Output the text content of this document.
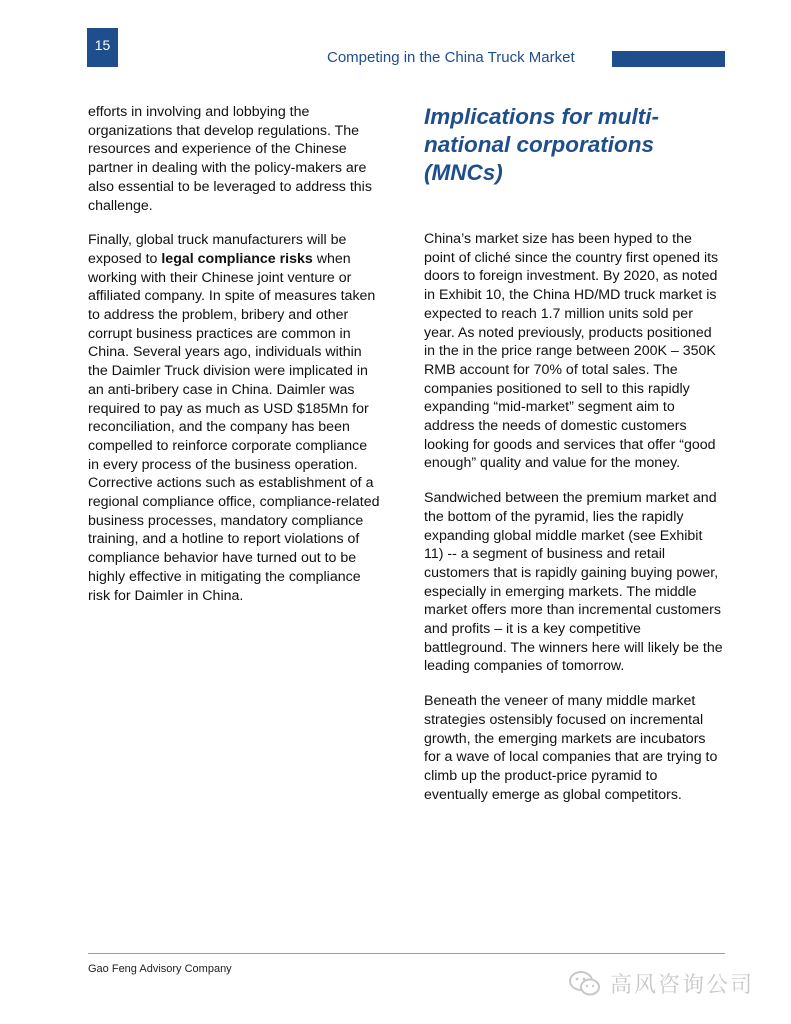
15
Competing in the China Truck Market

efforts in involving and lobbying the organizations that develop regulations. The resources and experience of the Chinese partner in dealing with the policy-makers are also essential to be leveraged to address this challenge.

Finally, global truck manufacturers will be exposed to legal compliance risks when working with their Chinese joint venture or affiliated company. In spite of measures taken to address the problem, bribery and other corrupt business practices are common in China. Several years ago, individuals within the Daimler Truck division were implicated in an anti-bribery case in China. Daimler was required to pay as much as USD $185Mn for reconciliation, and the company has been compelled to reinforce corporate compliance in every process of the business operation. Corrective actions such as establishment of a regional compliance office, compliance-related business processes, mandatory compliance training, and a hotline to report violations of compliance behavior have turned out to be highly effective in mitigating the compliance risk for Daimler in China.

Implications for multi-national corporations (MNCs)

China’s market size has been hyped to the point of cliché since the country first opened its doors to foreign investment. By 2020, as noted in Exhibit 10, the China HD/MD truck market is expected to reach 1.7 million units sold per year. As noted previously, products positioned in the in the price range between 200K – 350K RMB account for 70% of total sales. The companies positioned to sell to this rapidly expanding “mid-market” segment aim to address the needs of domestic customers looking for goods and services that offer “good enough” quality and value for the money.

Sandwiched between the premium market and the bottom of the pyramid, lies the rapidly expanding global middle market (see Exhibit 11) -- a segment of business and retail customers that is rapidly gaining buying power, especially in emerging markets. The middle market offers more than incremental customers and profits – it is a key competitive battleground. The winners here will likely be the leading companies of tomorrow.

Beneath the veneer of many middle market strategies ostensibly focused on incremental growth, the emerging markets are incubators for a wave of local companies that are trying to climb up the product-price pyramid to eventually emerge as global competitors.

Gao Feng Advisory Company
高风咨询公司
